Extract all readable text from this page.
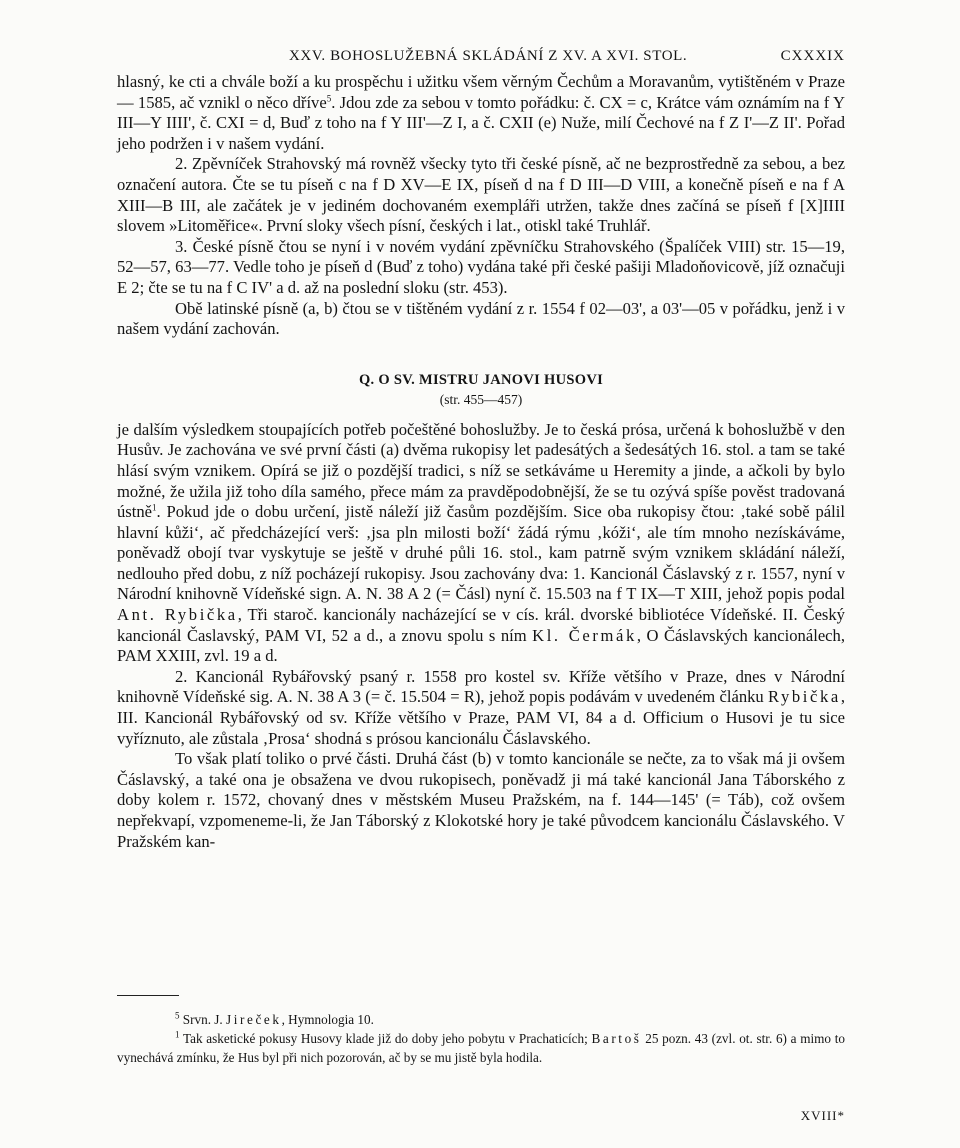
XXV. BOHOSLUŽEBNÁ SKLÁDÁNÍ Z XV. A XVI. STOL.	CXXXIX

hlasný, ke cti a chvále boží a ku prospěchu i užitku všem věrným Čechům a Moravanům, vytištěném v Praze — 1585, ač vznikl o něco dříve$^5$. Jdou zde za sebou v tomto pořádku: č. CX = c, Krátce vám oznámím na f Y III—Y IIII', č. CXI = d, Buď z toho na f Y III'—Z I, a č. CXII (e) Nuže, milí Čechové na f Z I'—Z II'. Pořad jeho podržen i v našem vydání.

2. Zpěvníček Strahovský má rovněž všecky tyto tři české písně, ač ne bezprostředně za sebou, a bez označení autora. Čte se tu píseň c na f D XV—E IX, píseň d na f D III—D VIII, a konečně píseň e na f A XIII—B III, ale začátek je v jediném dochovaném exempláři utržen, takže dnes začíná se píseň f [X]IIII slovem »Litoměřice«. První sloky všech písní, českých i lat., otiskl také Truhlář.

3. České písně čtou se nyní i v novém vydání zpěvníčku Strahovského (Špalíček VIII) str. 15—19, 52—57, 63—77. Vedle toho je píseň d (Buď z toho) vydána také při české pašiji Mladoňovicově, jíž označuji E 2; čte se tu na f C IV' a d. až na poslední sloku (str. 453).

Obě latinské písně (a, b) čtou se v tištěném vydání z r. 1554 f 02—03', a 03'—05 v pořádku, jenž i v našem vydání zachován.

Q. O SV. MISTRU JANOVI HUSOVI
(str. 455—457)

je dalším výsledkem stoupajících potřeb počeštěné bohoslužby. Je to česká prósa, určená k bohoslužbě v den Husův. Je zachována ve své první části (a) dvěma rukopisy let padesátých a šedesátých 16. stol. a tam se také hlásí svým vznikem. Opírá se již o pozdější tradici, s níž se setkáváme u Heremity a jinde, a ačkoli by bylo možné, že užila již toho díla samého, přece mám za pravděpodobnější, že se tu ozývá spíše pověst tradovaná ústně$^1$. Pokud jde o dobu určení, jistě náleží již časům pozdějším. Sice oba rukopisy čtou: ‚také sobě pálil hlavní kůži‘, ač předcházející verš: ‚jsa pln milosti boží‘ žádá rýmu ‚kóži‘, ale tím mnoho nezískáváme, poněvadž obojí tvar vyskytuje se ještě v druhé půli 16. stol., kam patrně svým vznikem skládání náleží, nedlouho před dobu, z níž pocházejí rukopisy. Jsou zachovány dva: 1. Kancionál Čáslavský z r. 1557, nyní v Národní knihovně Vídeňské sign. A. N. 38 A 2 (= Čásl) nyní č. 15.503 na f T IX—T XIII, jehož popis podal Ant. Rybička, Tři staroč. kancionály nacházející se v cís. král. dvorské bibliotéce Vídeňské. II. Český kancionál Časlavský, PAM VI, 52 a d., a znovu spolu s ním Kl. Čermák, O Čáslavských kancionálech, PAM XXIII, zvl. 19 a d.

2. Kancionál Rybářovský psaný r. 1558 pro kostel sv. Kříže většího v Praze, dnes v Národní knihovně Vídeňské sig. A. N. 38 A 3 (= č. 15.504 = R), jehož popis podávám v uvedeném článku Rybičkа, III. Kancionál Rybářovský od sv. Kříže většího v Praze, PAM VI, 84 a d. Officium o Husovi je tu sice vyříznuto, ale zůstala ‚Prosa‘ shodná s prósou kancionálu Čáslavského.

To však platí toliko o prvé části. Druhá část (b) v tomto kancionále se nečte, za to však má ji ovšem Čáslavský, a také ona je obsažena ve dvou rukopisech, poněvadž ji má také kancionál Jana Táborského z doby kolem r. 1572, chovaný dnes v městském Museu Pražském, na f. 144—145' (= Táb), což ovšem nepřekvapí, vzpomeneme-li, že Jan Táborský z Klokotské hory je také původcem kancionálu Čáslavského. V Pražském kan-

$^5$ Srvn. J. Jireček, Hymnologia 10.

$^1$ Tak asketické pokusy Husovy klade již do doby jeho pobytu v Prachaticích; Bartoš 25 pozn. 43 (zvl. ot. str. 6) a mimo to vynechává zmínku, že Hus byl při nich pozorován, ač by se mu jistě byla hodila.

XVIII*
